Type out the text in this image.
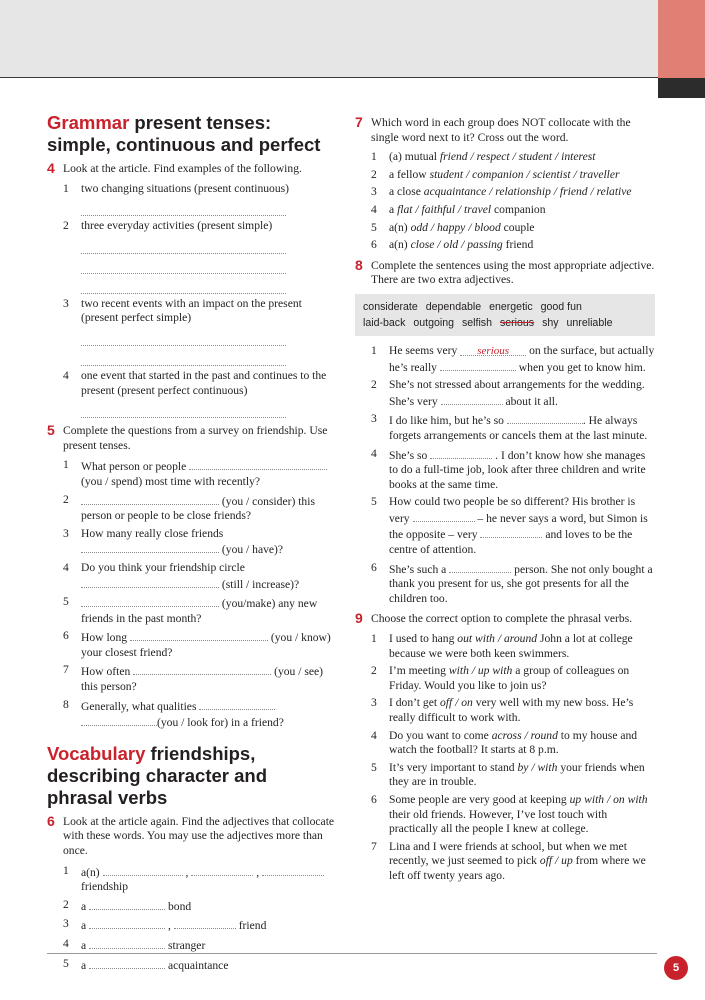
Grammar present tenses: simple, continuous and perfect
4 Look at the article. Find examples of the following.
1 two changing situations (present continuous)
2 three everyday activities (present simple)
3 two recent events with an impact on the present (present perfect simple)
4 one event that started in the past and continues to the present (present perfect continuous)
5 Complete the questions from a survey on friendship. Use present tenses.
1 What person or people  (you / spend) most time with recently?
2	(you / consider) this person or people to be close friends?
3 How many really close friends
(you / have)?
4 Do you think your friendship circle
(still / increase)?
5	(you/make) any new friends in the past month?
6 How long	(you / know) your closest friend?
7 How often	(you / see) this person?
8 Generally, what qualities
(you / look for) in a friend?
Vocabulary friendships, describing character and phrasal verbs
6 Look at the article again. Find the adjectives that collocate with these words. You may use the adjectives more than once.
1 a(n)	,	,
friendship
2 a	bond
3 a	,	friend
4 a	stranger
5 a	acquaintance
7 Which word in each group does NOT collocate with the single word next to it? Cross out the word.
1 (a) mutual friend / respect / student / interest
2 a fellow student / companion / scientist / traveller
3 a close acquaintance / relationship / friend / relative
4 a flat / faithful / travel companion
5 a(n) odd / happy / blood couple
6 a(n) close / old / passing friend
8 Complete the sentences using the most appropriate adjective. There are two extra adjectives.
considerate dependable energetic good fun
laid-back outgoing selfish serious shy unreliable
1 He seems very serious on the surface, but actually he’s really	when you get to know him.
2 She’s not stressed about arrangements for the wedding. She’s very	about it all.
3 I do like him, but he’s so	. He always forgets arrangements or cancels them at the last minute.
4 She’s so	. I don’t know how she manages to do a full-time job, look after three children and write books at the same time.
5 How could two people be so different? His brother is very	– he never says a word, but Simon is the opposite – very	and loves to be the centre of attention.
6 She’s such a	person. She not only bought a thank you present for us, she got presents for all the children too.
9 Choose the correct option to complete the phrasal verbs.
1 I used to hang out with / around John a lot at college because we were both keen swimmers.
2 I’m meeting with / up with a group of colleagues on Friday. Would you like to join us?
3 I don’t get off / on very well with my new boss. He’s really difficult to work with.
4 Do you want to come across / round to my house and watch the football? It starts at 8 p.m.
5 It’s very important to stand by / with your friends when they are in trouble.
6 Some people are very good at keeping up with / on with their old friends. However, I’ve lost touch with practically all the people I knew at college.
7 Lina and I were friends at school, but when we met recently, we just seemed to pick off / up from where we left off twenty years ago.
5
